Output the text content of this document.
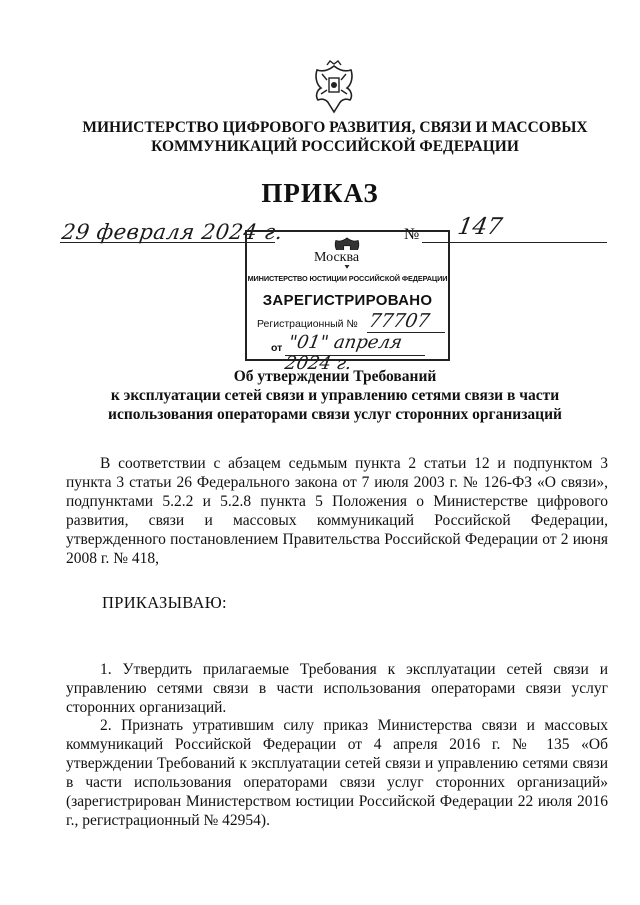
МИНИСТЕРСТВО ЦИФРОВОГО РАЗВИТИЯ, СВЯЗИ И МАССОВЫХ
КОММУНИКАЦИЙ РОССИЙСКОЙ ФЕДЕРАЦИИ
ПРИКАЗ
29 февраля 2024 г.	№ 147
МИНИСТЕРСТВО ЮСТИЦИИ РОССИЙСКОЙ ФЕДЕРАЦИИ
ЗАРЕГИСТРИРОВАНО
Регистрационный № 77707
от "01" апреля 2024 г.
Москва
Об утверждении Требований
к эксплуатации сетей связи и управлению сетями связи в части
использования операторами связи услуг сторонних организаций
В соответствии с абзацем седьмым пункта 2 статьи 12 и подпунктом 3 пункта 3 статьи 26 Федерального закона от 7 июля 2003 г. № 126-ФЗ «О связи», подпунктами 5.2.2 и 5.2.8 пункта 5 Положения о Министерстве цифрового развития, связи и массовых коммуникаций Российской Федерации, утвержденного постановлением Правительства Российской Федерации от 2 июня 2008 г. № 418,
ПРИКАЗЫВАЮ:
1. Утвердить прилагаемые Требования к эксплуатации сетей связи и управлению сетями связи в части использования операторами связи услуг сторонних организаций.
2. Признать утратившим силу приказ Министерства связи и массовых коммуникаций Российской Федерации от 4 апреля 2016 г. № 135 «Об утверждении Требований к эксплуатации сетей связи и управлению сетями связи в части использования операторами связи услуг сторонних организаций» (зарегистрирован Министерством юстиции Российской Федерации 22 июля 2016 г., регистрационный № 42954).
